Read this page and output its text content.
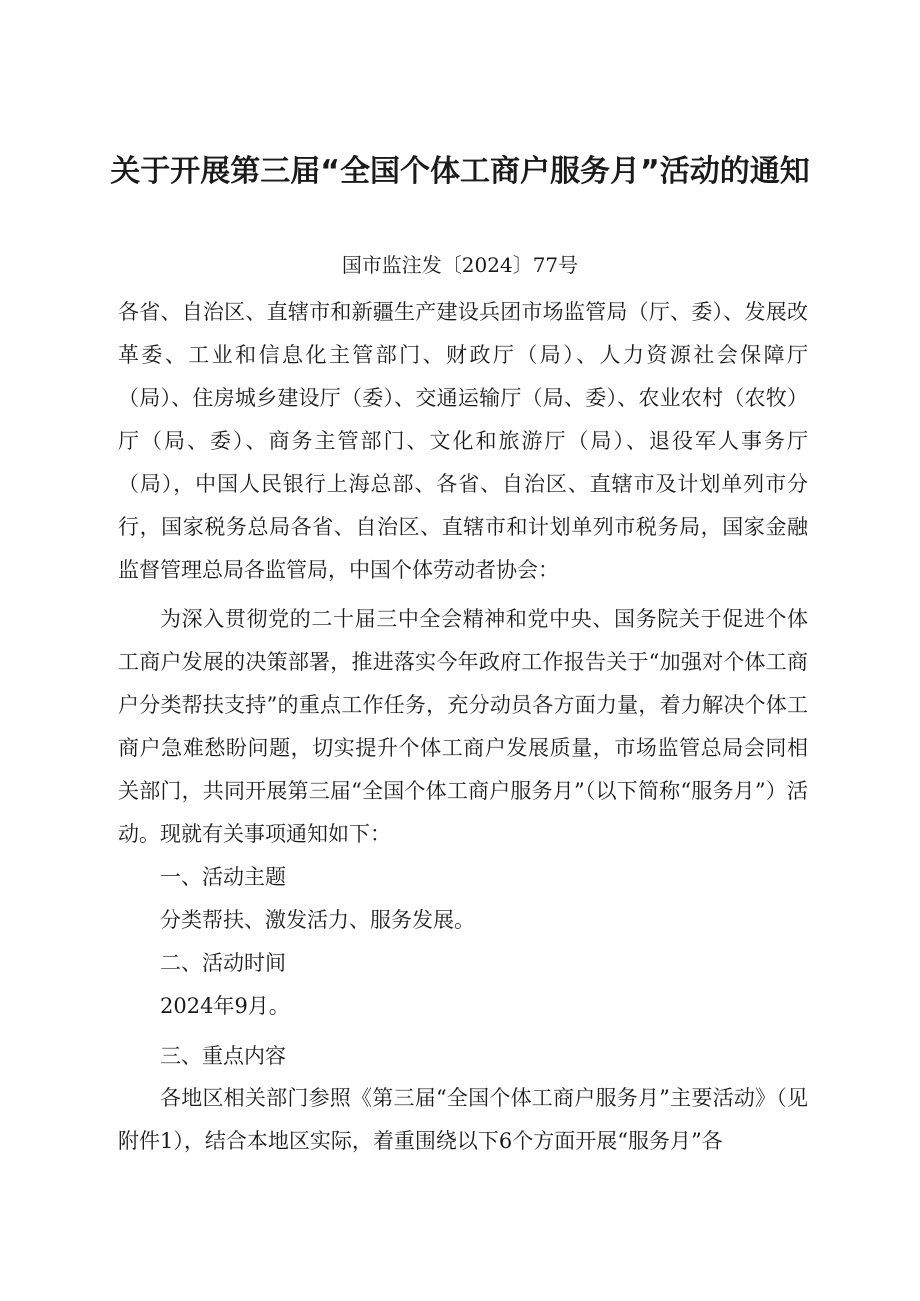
关于开展第三届“全国个体工商户服务月”活动的通知

国市监注发〔2024〕77号

各省、自治区、直辖市和新疆生产建设兵团市场监管局（厅、委）、发展改革委、工业和信息化主管部门、财政厅（局）、人力资源社会保障厅（局）、住房城乡建设厅（委）、交通运输厅（局、委）、农业农村（农牧）厅（局、委）、商务主管部门、文化和旅游厅（局）、退役军人事务厅（局），中国人民银行上海总部、各省、自治区、直辖市及计划单列市分行，国家税务总局各省、自治区、直辖市和计划单列市税务局，国家金融监督管理总局各监管局，中国个体劳动者协会：

为深入贯彻党的二十届三中全会精神和党中央、国务院关于促进个体工商户发展的决策部署，推进落实今年政府工作报告关于“加强对个体工商户分类帮扶支持”的重点工作任务，充分动员各方面力量，着力解决个体工商户急难愁盼问题，切实提升个体工商户发展质量，市场监管总局会同相关部门，共同开展第三届“全国个体工商户服务月”（以下简称“服务月”）活动。现就有关事项通知如下：

一、活动主题

分类帮扶、激发活力、服务发展。

二、活动时间

2024年9月。

三、重点内容

各地区相关部门参照《第三届“全国个体工商户服务月”主要活动》（见附件1），结合本地区实际，着重围绕以下6个方面开展“服务月”各
